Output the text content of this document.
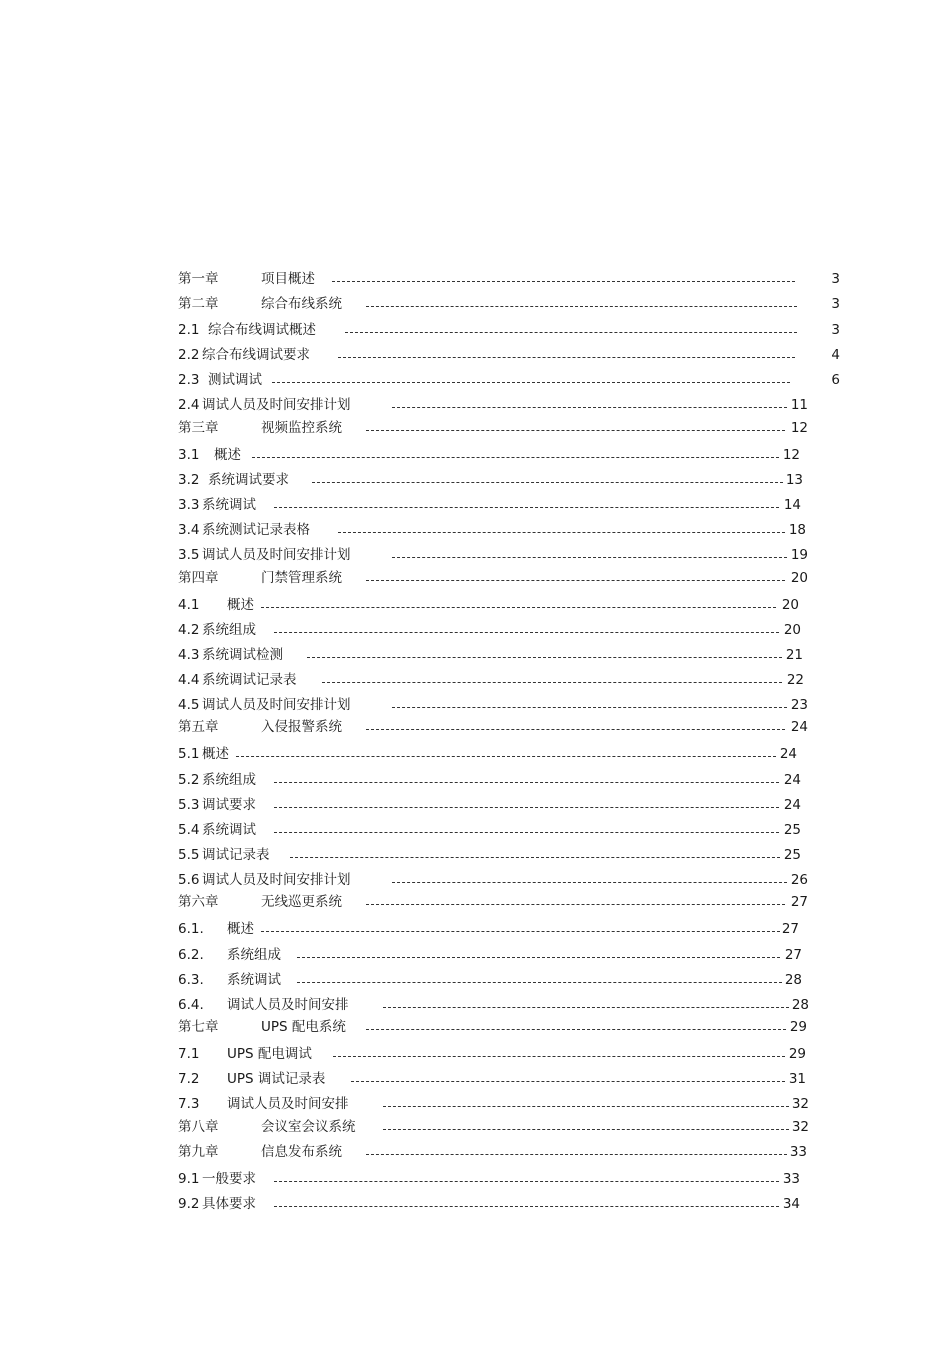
第一章	项目概述	3
第二章	综合布线系统	3
2.1 综合布线调试概述	3
2.2 综合布线调试要求	4
2.3 测试调试	6
2.4 调试人员及时间安排计划	11
第三章	视频监控系统	12
3.1	概述	12
3.2 系统调试要求	13
3.3 系统调试	14
3.4 系统测试记录表格	18
3.5 调试人员及时间安排计划	19
第四章	门禁管理系统	20
4.1	概述	20
4.2 系统组成	20
4.3 系统调试检测	21
4.4 系统调试记录表	22
4.5 调试人员及时间安排计划	23
第五章	入侵报警系统	24
5.1 概述	24
5.2 系统组成	24
5.3 调试要求	24
5.4 系统调试	25
5.5 调试记录表	25
5.6 调试人员及时间安排计划	26
第六章	无线巡更系统	27
6.1.	概述	27
6.2.	系统组成	27
6.3.	系统调试	28
6.4.	调试人员及时间安排	28
第七章	UPS 配电系统	29
7.1	UPS 配电调试	29
7.2	UPS 调试记录表	31
7.3	调试人员及时间安排	32
第八章	会议室会议系统	32
第九章	信息发布系统	33
9.1 一般要求	33
9.2 具体要求	34
